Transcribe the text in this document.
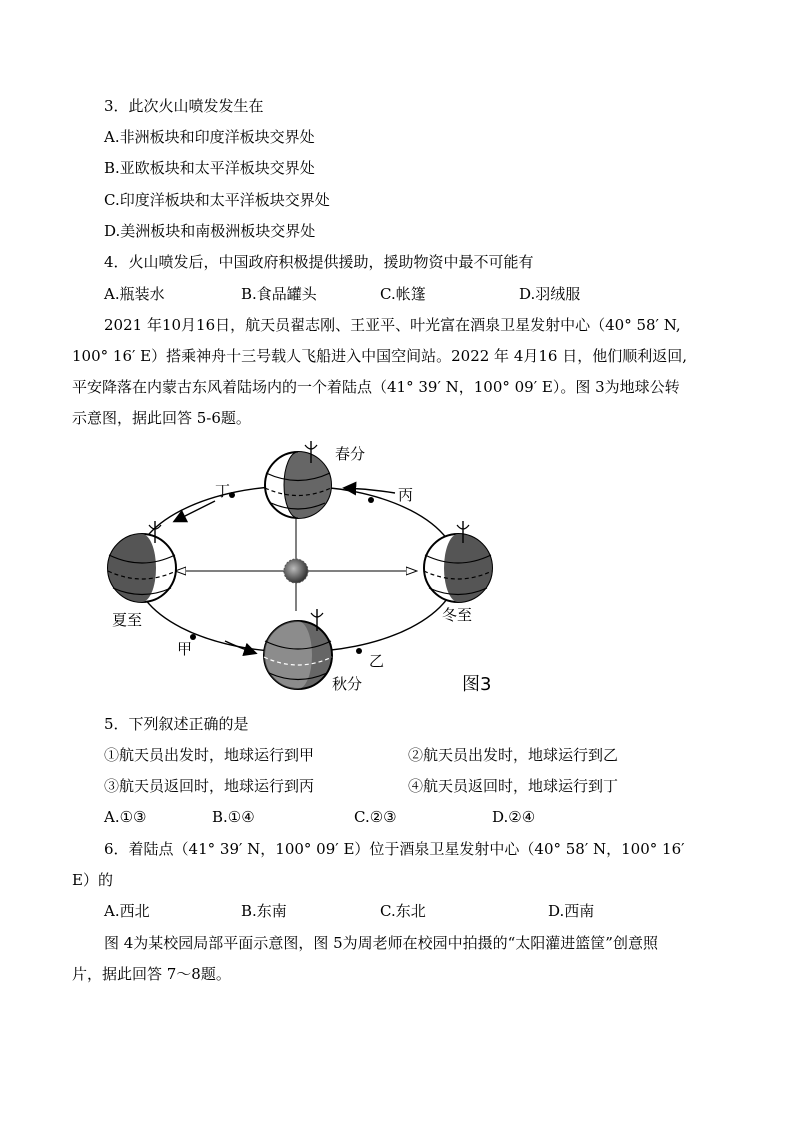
3．此次火山喷发发生在
A.非洲板块和印度洋板块交界处
B.亚欧板块和太平洋板块交界处
C.印度洋板块和太平洋板块交界处
D.美洲板块和南极洲板块交界处
4．火山喷发后，中国政府积极提供援助，援助物资中最不可能有
A.瓶装水	B.食品罐头	C.帐篷	D.羽绒服
2021 年10月16日，航天员翟志刚、王亚平、叶光富在酒泉卫星发射中心（40° 58′ N,
100° 16′ E）搭乘神舟十三号载人飞船进入中国空间站。2022 年 4月16 日，他们顺利返回,
平安降落在内蒙古东风着陆场内的一个着陆点（41° 39′ N，100° 09′ E）。图 3为地球公转
示意图，据此回答 5-6题。
春分
丁	丙
夏至	冬至
甲
乙
秋分	图3
5．下列叙述正确的是
①航天员出发时，地球运行到甲	②航天员出发时，地球运行到乙
③航天员返回时，地球运行到丙	④航天员返回时，地球运行到丁
A.①③	B.①④	C.②③	D.②④
6．着陆点（41° 39′ N，100° 09′ E）位于酒泉卫星发射中心（40° 58′ N，100° 16′
E）的
A.西北	B.东南	C.东北	D.西南
图 4为某校园局部平面示意图，图 5为周老师在校园中拍摄的“太阳灌进篮筐”创意照
片，据此回答 7～8题。
